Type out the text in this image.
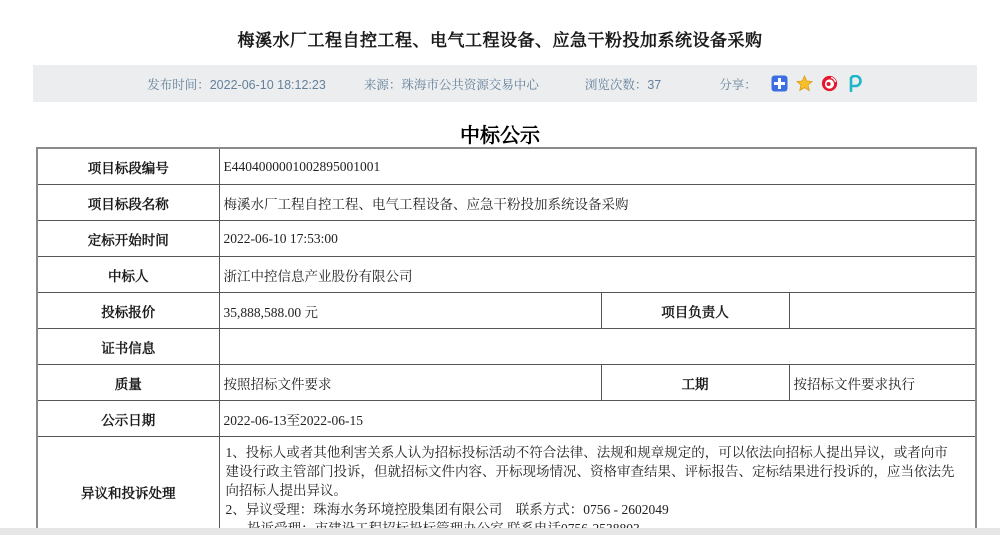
梅溪水厂工程自控工程、电气工程设备、应急干粉投加系统设备采购
发布时间：2022-06-10 18:12:23	来源：珠海市公共资源交易中心	浏览次数：37	分享：
中标公示
项目标段编号	E4404000001002895001001		
项目标段名称	梅溪水厂工程自控工程、电气工程设备、应急干粉投加系统设备采购		
定标开始时间	2022-06-10 17:53:00		
中标人	浙江中控信息产业股份有限公司		
投标报价	35,888,588.00 元	项目负责人	
证书信息			
质量	按照招标文件要求	工期	按招标文件要求执行
公示日期	2022-06-13至2022-06-15		
异议和投诉处理	1、投标人或者其他利害关系人认为招标投标活动不符合法律、法规和规章规定的，可以依法向招标人提出异议，或者向市建设行政主管部门投诉，但就招标文件内容、开标现场情况、资格审查结果、评标报告、定标结果进行投诉的，应当依法先向招标人提出异议。
2、异议受理：珠海水务环境控股集团有限公司　联系方式：0756 - 2602049		
